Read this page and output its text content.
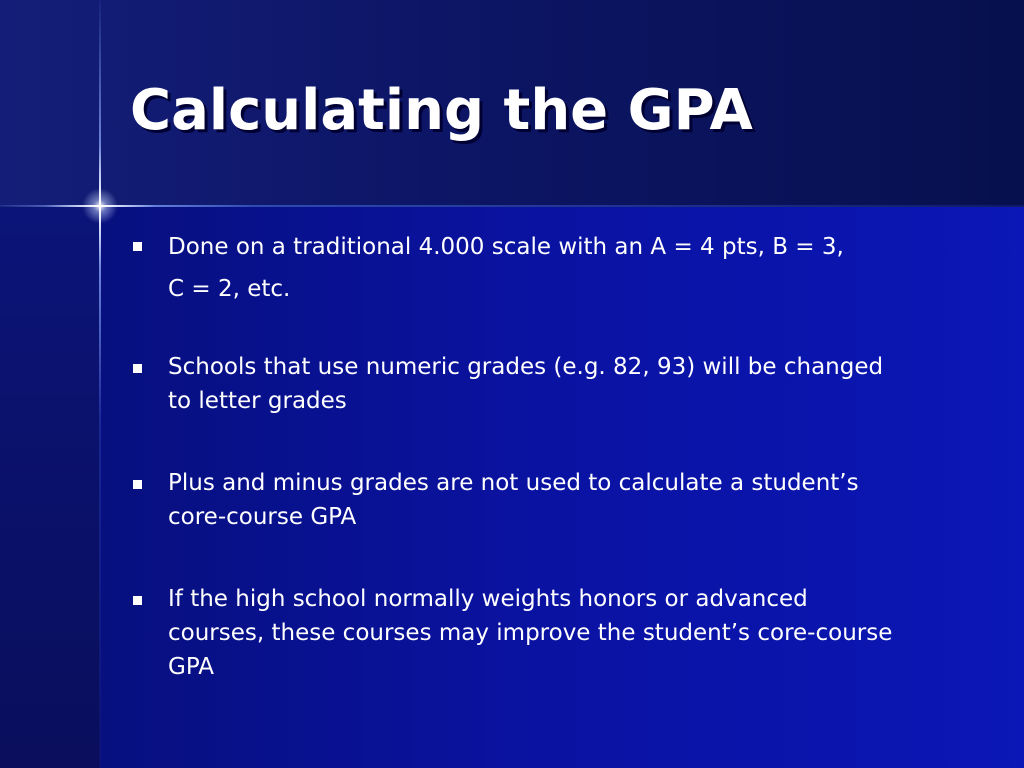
Calculating the GPA
Done on a traditional 4.000 scale with an A = 4 pts, B = 3,
C = 2, etc.
Schools that use numeric grades (e.g. 82, 93) will be changed
to letter grades
Plus and minus grades are not used to calculate a student’s
core-course GPA
If the high school normally weights honors or advanced
courses, these courses may improve the student’s core-course
GPA
